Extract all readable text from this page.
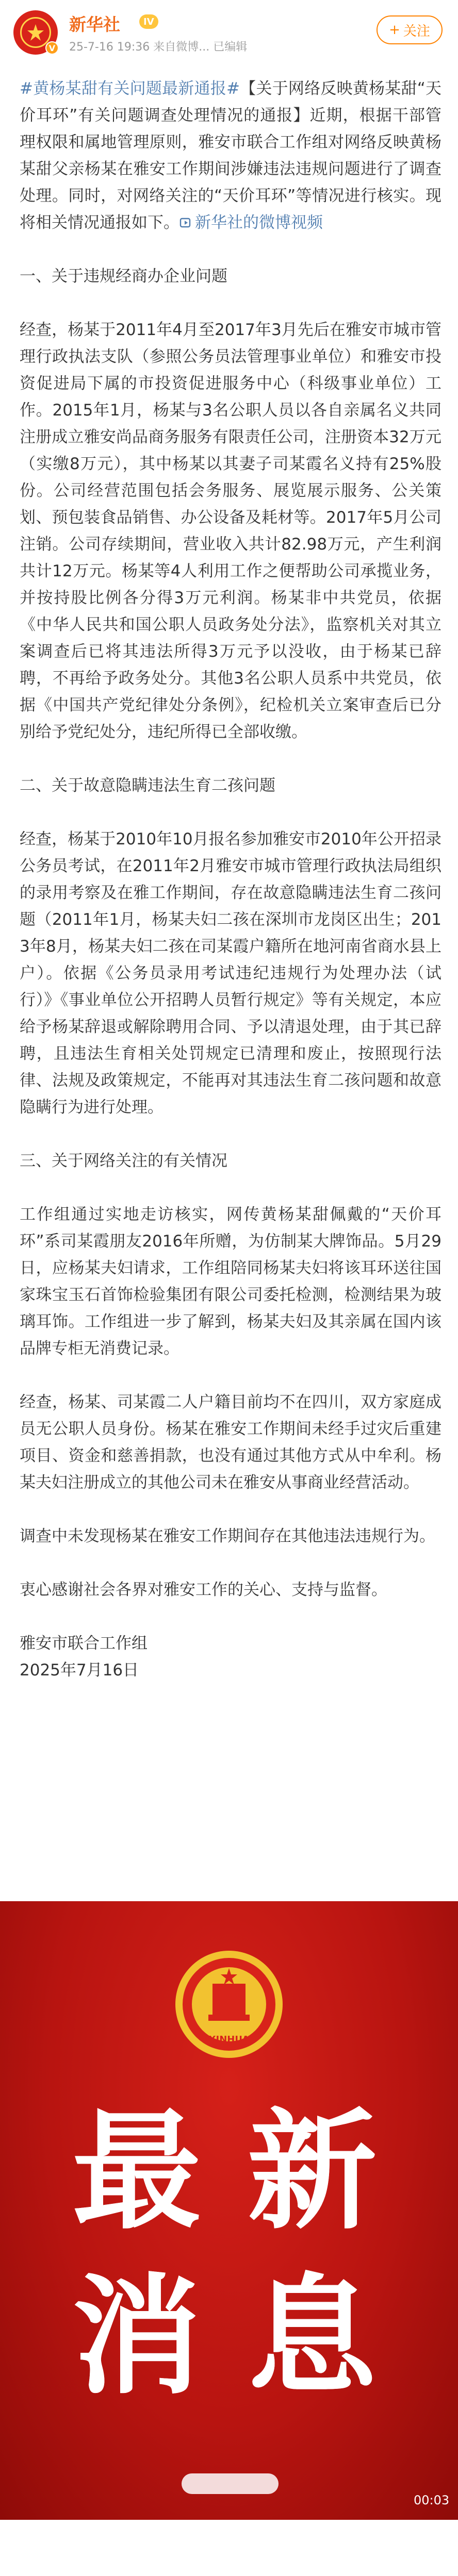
V
新华社	IV
25-7-16 19:36 来自微博... 已编辑
+ 关注

#黄杨某甜有关问题最新通报#【关于网络反映黄杨某甜“天价耳环”有关问题调查处理情况的通报】近期，根据干部管理权限和属地管理原则，雅安市联合工作组对网络反映黄杨某甜父亲杨某在雅安工作期间涉嫌违法违规问题进行了调查处理。同时，对网络关注的“天价耳环”等情况进行核实。现将相关情况通报如下。 新华社的微博视频

一、关于违规经商办企业问题

经查，杨某于2011年4月至2017年3月先后在雅安市城市管理行政执法支队（参照公务员法管理事业单位）和雅安市投资促进局下属的市投资促进服务中心（科级事业单位）工作。2015年1月，杨某与3名公职人员以各自亲属名义共同注册成立雅安尚品商务服务有限责任公司，注册资本32万元（实缴8万元），其中杨某以其妻子司某霞名义持有25%股份。公司经营范围包括会务服务、展览展示服务、公关策划、预包装食品销售、办公设备及耗材等。2017年5月公司注销。公司存续期间，营业收入共计82.98万元，产生利润共计12万元。杨某等4人利用工作之便帮助公司承揽业务，并按持股比例各分得3万元利润。杨某非中共党员，依据《中华人民共和国公职人员政务处分法》，监察机关对其立案调查后已将其违法所得3万元予以没收，由于杨某已辞聘，不再给予政务处分。其他3名公职人员系中共党员，依据《中国共产党纪律处分条例》，纪检机关立案审查后已分别给予党纪处分，违纪所得已全部收缴。

二、关于故意隐瞒违法生育二孩问题

经查，杨某于2010年10月报名参加雅安市2010年公开招录公务员考试，在2011年2月雅安市城市管理行政执法局组织的录用考察及在雅工作期间，存在故意隐瞒违法生育二孩问题（2011年1月，杨某夫妇二孩在深圳市龙岗区出生；2013年8月，杨某夫妇二孩在司某霞户籍所在地河南省商水县上户）。依据《公务员录用考试违纪违规行为处理办法（试行）》《事业单位公开招聘人员暂行规定》等有关规定，本应给予杨某辞退或解除聘用合同、予以清退处理，由于其已辞聘，且违法生育相关处罚规定已清理和废止，按照现行法律、法规及政策规定，不能再对其违法生育二孩问题和故意隐瞒行为进行处理。

三、关于网络关注的有关情况

工作组通过实地走访核实，网传黄杨某甜佩戴的“天价耳环”系司某霞朋友2016年所赠，为仿制某大牌饰品。5月29日，应杨某夫妇请求，工作组陪同杨某夫妇将该耳环送往国家珠宝玉石首饰检验集团有限公司委托检测，检测结果为玻璃耳饰。工作组进一步了解到，杨某夫妇及其亲属在国内该品牌专柜无消费记录。

经查，杨某、司某霞二人户籍目前均不在四川，双方家庭成员无公职人员身份。杨某在雅安工作期间未经手过灾后重建项目、资金和慈善捐款，也没有通过其他方式从中牟利。杨某夫妇注册成立的其他公司未在雅安从事商业经营活动。

调查中未发现杨某在雅安工作期间存在其他违法违规行为。

衷心感谢社会各界对雅安工作的关心、支持与监督。

雅安市联合工作组

2025年7月16日

XINHUA
最 新
消 息
00:03
